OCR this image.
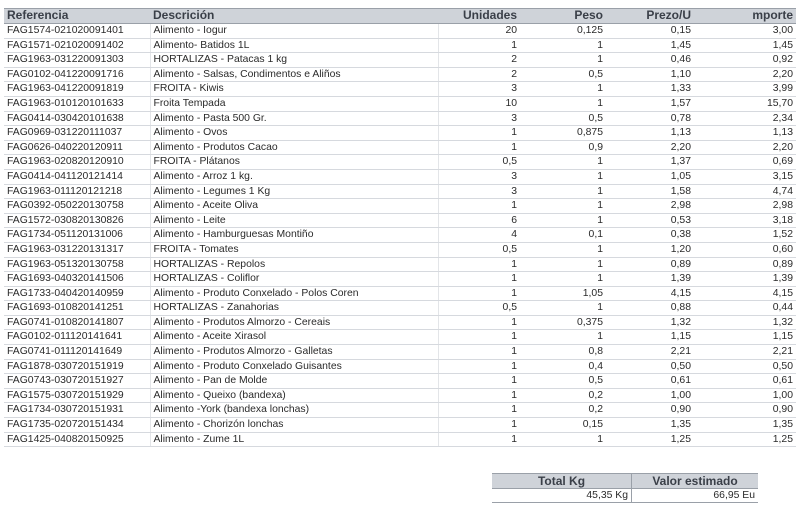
Referencia	Descrición	Unidades	Peso	Prezo/U	mporte
FAG1574-021020091401	Alimento - Iogur	20	0,125	0,15	3,00
FAG1571-021020091402	Alimento- Batidos 1L	1	1	1,45	1,45
FAG1963-031220091303	HORTALIZAS - Patacas 1 kg	2	1	0,46	0,92
FAG0102-041220091716	Alimento - Salsas, Condimentos e Aliños	2	0,5	1,10	2,20
FAG1963-041220091819	FROITA - Kiwis	3	1	1,33	3,99
FAG1963-010120101633	Froita Tempada	10	1	1,57	15,70
FAG0414-030420101638	Alimento - Pasta 500 Gr.	3	0,5	0,78	2,34
FAG0969-031220111037	Alimento - Ovos	1	0,875	1,13	1,13
FAG0626-040220120911	Alimento - Produtos Cacao	1	0,9	2,20	2,20
FAG1963-020820120910	FROITA - Plátanos	0,5	1	1,37	0,69
FAG0414-041120121414	Alimento - Arroz 1 kg.	3	1	1,05	3,15
FAG1963-011120121218	Alimento - Legumes 1 Kg	3	1	1,58	4,74
FAG0392-050220130758	Alimento - Aceite Oliva	1	1	2,98	2,98
FAG1572-030820130826	Alimento - Leite	6	1	0,53	3,18
FAG1734-051120131006	Alimento - Hamburguesas Montiño	4	0,1	0,38	1,52
FAG1963-031220131317	FROITA - Tomates	0,5	1	1,20	0,60
FAG1963-051320130758	HORTALIZAS - Repolos	1	1	0,89	0,89
FAG1693-040320141506	HORTALIZAS - Coliflor	1	1	1,39	1,39
FAG1733-040420140959	Alimento - Produto Conxelado - Polos Coren	1	1,05	4,15	4,15
FAG1693-010820141251	HORTALIZAS - Zanahorias	0,5	1	0,88	0,44
FAG0741-010820141807	Alimento - Produtos Almorzo - Cereais	1	0,375	1,32	1,32
FAG0102-011120141641	Alimento - Aceite Xirasol	1	1	1,15	1,15
FAG0741-011120141649	Alimento - Produtos Almorzo - Galletas	1	0,8	2,21	2,21
FAG1878-030720151919	Alimento - Produto Conxelado Guisantes	1	0,4	0,50	0,50
FAG0743-030720151927	Alimento - Pan de Molde	1	0,5	0,61	0,61
FAG1575-030720151929	Alimento - Queixo (bandexa)	1	0,2	1,00	1,00
FAG1734-030720151931	Alimento -York (bandexa lonchas)	1	0,2	0,90	0,90
FAG1735-020720151434	Alimento - Chorizón lonchas	1	0,15	1,35	1,35
FAG1425-040820150925	Alimento - Zume 1L	1	1	1,25	1,25
Total Kg	Valor estimado
45,35 Kg	66,95 Eu
